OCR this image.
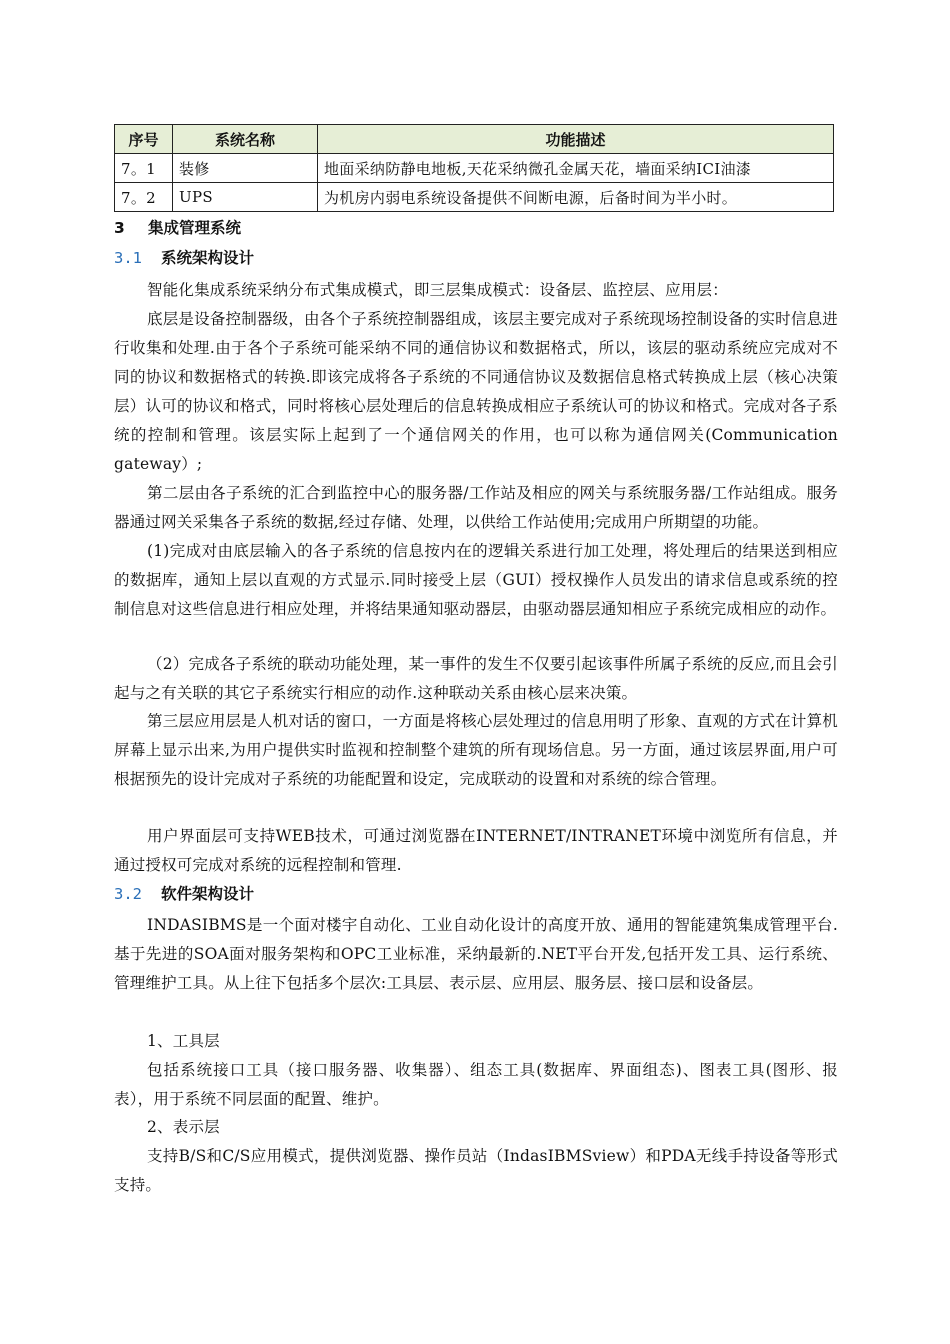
序号	系统名称	功能描述
7。1	装修	地面采纳防静电地板,天花采纳微孔金属天花，墙面采纳ICI油漆
7。2	UPS	为机房内弱电系统设备提供不间断电源，后备时间为半小时。
3 集成管理系统
3.1 系统架构设计

智能化集成系统采纳分布式集成模式，即三层集成模式：设备层、监控层、应用层：

底层是设备控制器级，由各个子系统控制器组成，该层主要完成对子系统现场控制设备的实时信息进行收集和处理.由于各个子系统可能采纳不同的通信协议和数据格式，所以，该层的驱动系统应完成对不同的协议和数据格式的转换.即该完成将各子系统的不同通信协议及数据信息格式转换成上层（核心决策层）认可的协议和格式，同时将核心层处理后的信息转换成相应子系统认可的协议和格式。完成对各子系统的控制和管理。该层实际上起到了一个通信网关的作用，也可以称为通信网关(Communication gateway）;

第二层由各子系统的汇合到监控中心的服务器/工作站及相应的网关与系统服务器/工作站组成。服务器通过网关采集各子系统的数据,经过存储、处理，以供给工作站使用;完成用户所期望的功能。

(1)完成对由底层输入的各子系统的信息按内在的逻辑关系进行加工处理，将处理后的结果送到相应的数据库，通知上层以直观的方式显示.同时接受上层（GUI）授权操作人员发出的请求信息或系统的控制信息对这些信息进行相应处理，并将结果通知驱动器层，由驱动器层通知相应子系统完成相应的动作。

（2）完成各子系统的联动功能处理，某一事件的发生不仅要引起该事件所属子系统的反应,而且会引起与之有关联的其它子系统实行相应的动作.这种联动关系由核心层来决策。

第三层应用层是人机对话的窗口，一方面是将核心层处理过的信息用明了形象、直观的方式在计算机屏幕上显示出来,为用户提供实时监视和控制整个建筑的所有现场信息。另一方面，通过该层界面,用户可根据预先的设计完成对子系统的功能配置和设定，完成联动的设置和对系统的综合管理。

用户界面层可支持WEB技术，可通过浏览器在INTERNET/INTRANET环境中浏览所有信息，并通过授权可完成对系统的远程控制和管理.

3.2 软件架构设计

INDASIBMS是一个面对楼宇自动化、工业自动化设计的高度开放、通用的智能建筑集成管理平台.基于先进的SOA面对服务架构和OPC工业标准，采纳最新的.NET平台开发,包括开发工具、运行系统、管理维护工具。从上往下包括多个层次:工具层、表示层、应用层、服务层、接口层和设备层。

1、工具层

包括系统接口工具（接口服务器、收集器）、组态工具(数据库、界面组态)、图表工具(图形、报表），用于系统不同层面的配置、维护。

2、表示层

支持B/S和C/S应用模式，提供浏览器、操作员站（IndasIBMSview）和PDA无线手持设备等形式支持。
